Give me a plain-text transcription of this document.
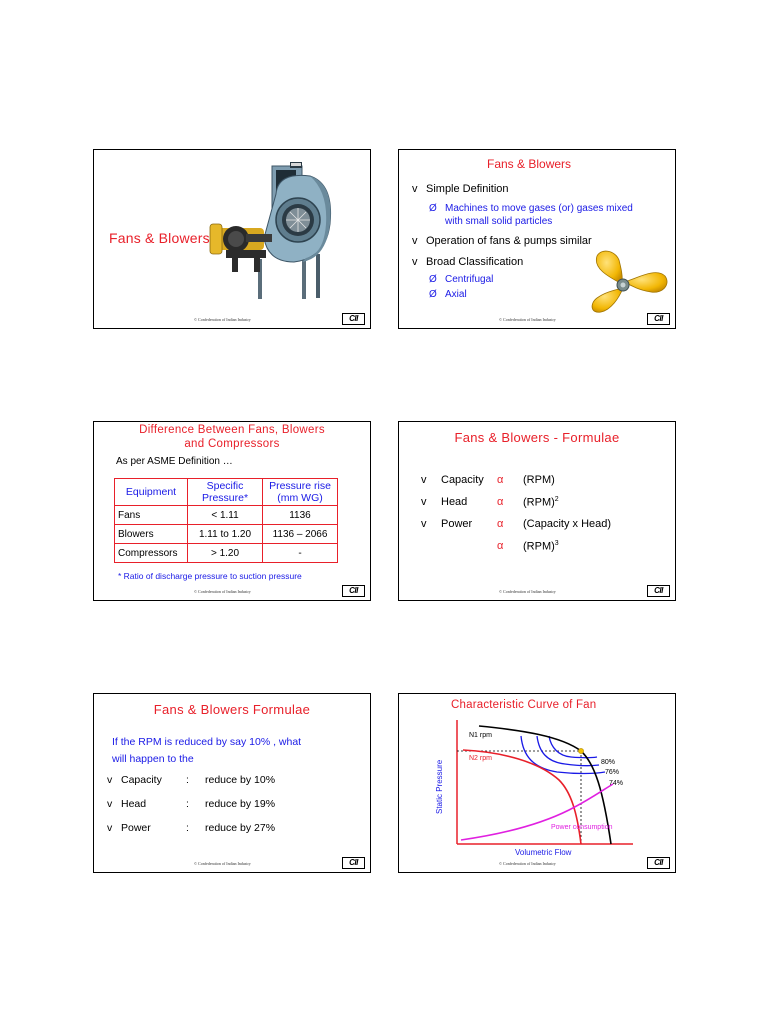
Fans & Blowers
© Confederation of Indian Industry	CII
Fans & Blowers
v Simple Definition
Ø Machines to move gases (or) gases mixed
with small solid particles
v Operation of fans & pumps similar
v Broad Classification
Ø Centrifugal
Ø Axial
© Confederation of Indian Industry	CII
Difference Between Fans, Blowers
and Compressors
As per ASME Definition …
Equipment	Specific Pressure*	Pressure rise (mm WG)
Fans	< 1.11	1136
Blowers	1.11 to 1.20	1136 – 2066
Compressors	> 1.20	-
* Ratio of discharge pressure to suction pressure
© Confederation of Indian Industry	CII
Fans & Blowers - Formulae
v Capacity α (RPM)
v Head	α (RPM)$^2$
v Power α (Capacity x Head)
α (RPM)$^3$
© Confederation of Indian Industry	CII
Fans & Blowers Formulae
If the RPM is reduced by say 10% , what
will happen to the
v Capacity : reduce by 10%
v Head	: reduce by 19%
v Power	: reduce by 27%
© Confederation of Indian Industry	CII
Characteristic Curve of Fan
N1 rpm
N2 rpm
80%
76%
74%
Power consumption
Volumetric Flow
Static Pressure
© Confederation of Indian Industry	CII
